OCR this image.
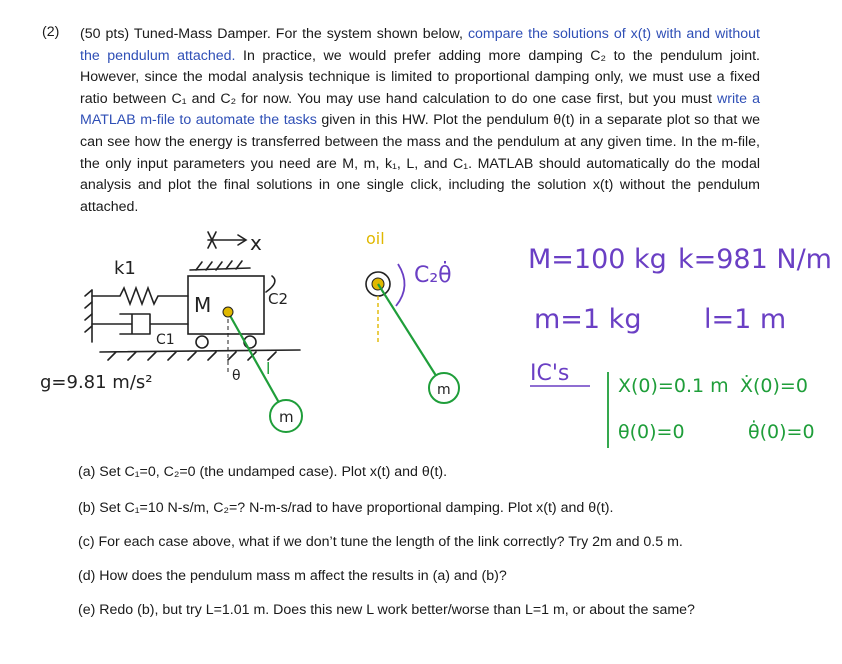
(2) (50 pts) Tuned-Mass Damper. For the system shown below, compare the solutions of x(t) with and without the pendulum attached. In practice, we would prefer adding more damping C₂ to the pendulum joint. However, since the modal analysis technique is limited to proportional damping only, we must use a fixed ratio between C₁ and C₂ for now. You may use hand calculation to do one case first, but you must write a MATLAB m-file to automate the tasks given in this HW. Plot the pendulum θ(t) in a separate plot so that we can see how the energy is transferred between the mass and the pendulum at any given time. In the m-file, the only input parameters you need are M, m, k₁, L, and C₁. MATLAB should automatically do the modal analysis and plot the final solutions in one single click, including the solution x(t) without the pendulum attached.
x
k1
C1
M	C2
θ l
m
g=9.81 m/s²
oil
C₂θ̇
m
M=100 kg k=981 N/m
m=1 kg l=1 m
IC's	X(0)=0.1 m Ẋ(0)=0
θ(0)=0	θ̇(0)=0
(a) Set C₁=0, C₂=0 (the undamped case). Plot x(t) and θ(t).
(b) Set C₁=10 N-s/m, C₂=? N-m-s/rad to have proportional damping. Plot x(t) and θ(t).
(c) For each case above, what if we don’t tune the length of the link correctly? Try 2m and 0.5 m.
(d) How does the pendulum mass m affect the results in (a) and (b)?
(e) Redo (b), but try L=1.01 m. Does this new L work better/worse than L=1 m, or about the same?
